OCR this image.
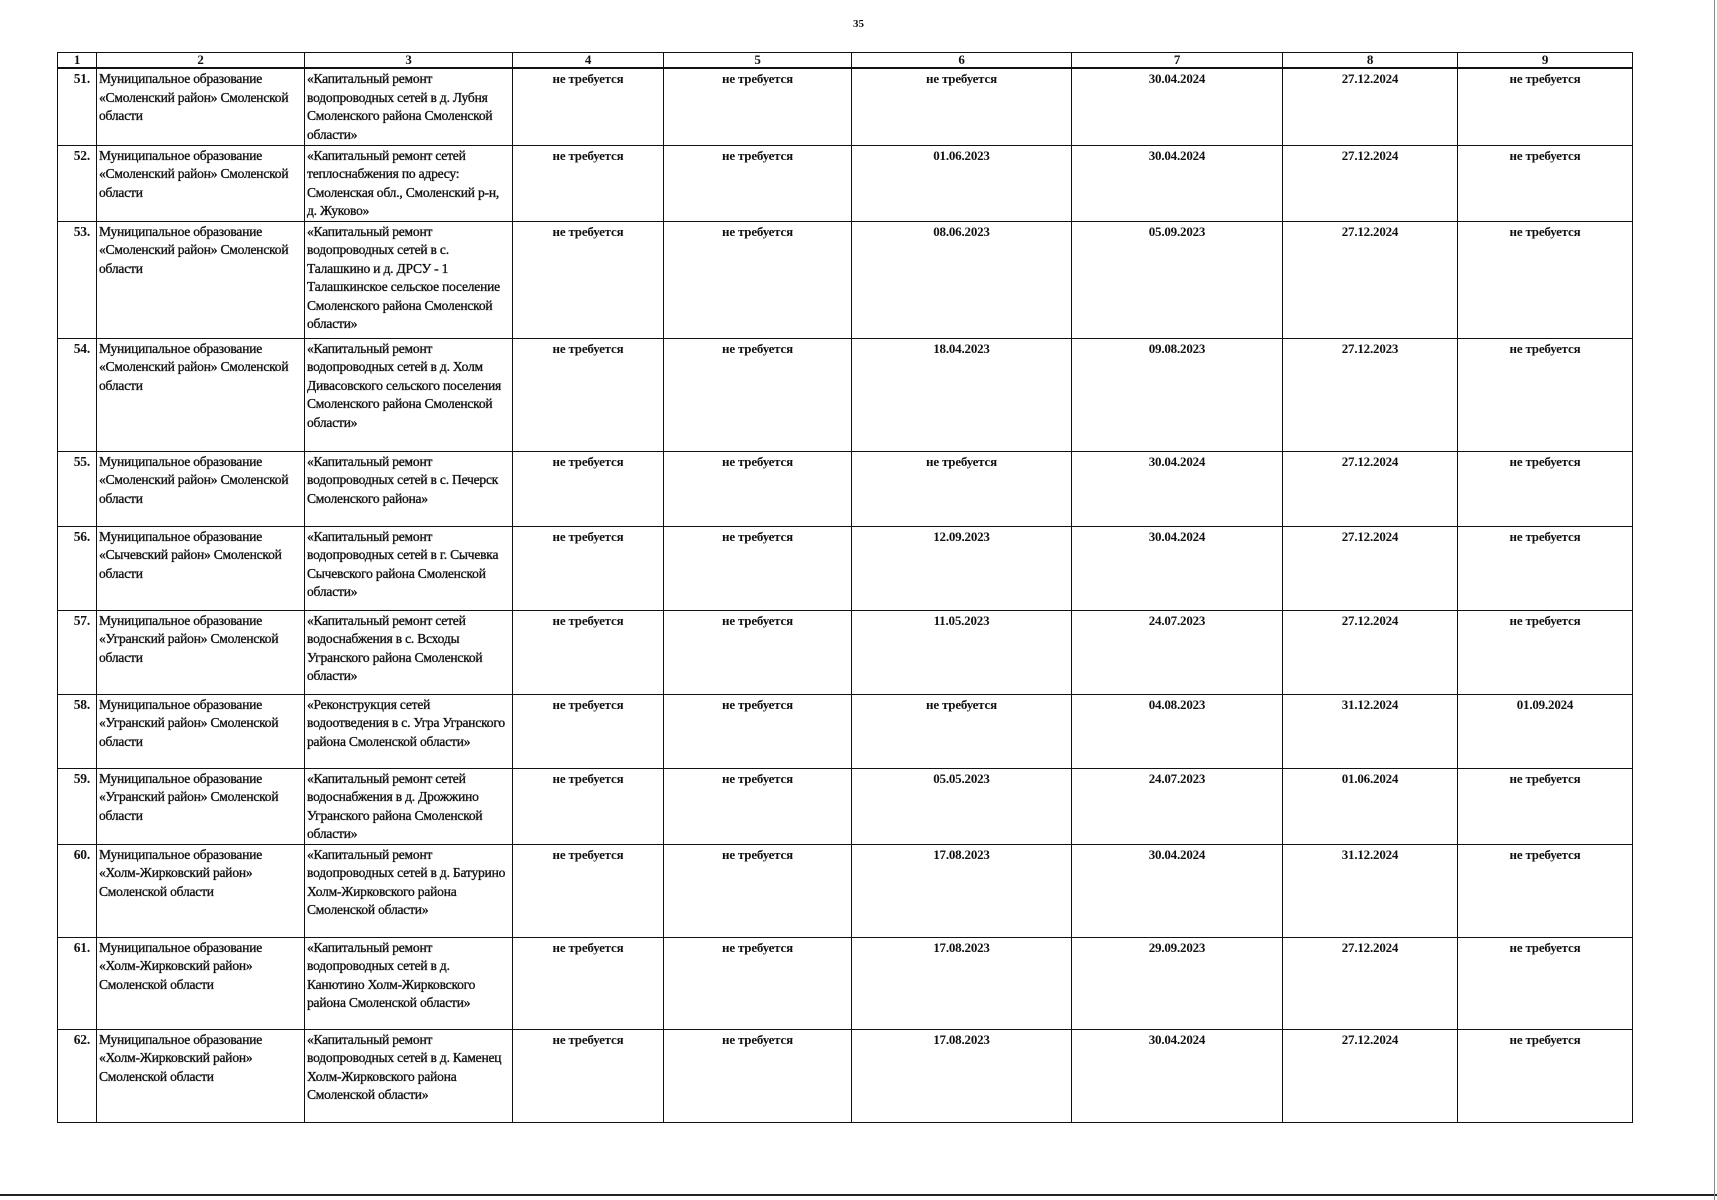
35
1	2	3	4	5	6	7	8	9
51.	Муниципальное образование «Смоленский район» Смоленской области	«Капитальный ремонт водопроводных сетей в д. Лубня Смоленского района Смоленской области»	не требуется	не требуется	не требуется	30.04.2024	27.12.2024	не требуется
52.	Муниципальное образование «Смоленский район» Смоленской области	«Капитальный ремонт сетей теплоснабжения по адресу: Смоленская обл., Смоленский р-н, д. Жуково»	не требуется	не требуется	01.06.2023	30.04.2024	27.12.2024	не требуется
53.	Муниципальное образование «Смоленский район» Смоленской области	«Капитальный ремонт водопроводных сетей в с. Талашкино и д. ДРСУ - 1 Талашкинское сельское поселение Смоленского района Смоленской области»	не требуется	не требуется	08.06.2023	05.09.2023	27.12.2024	не требуется
54.	Муниципальное образование «Смоленский район» Смоленской области	«Капитальный ремонт водопроводных сетей в д. Холм Дивасовского сельского поселения Смоленского района Смоленской области»	не требуется	не требуется	18.04.2023	09.08.2023	27.12.2023	не требуется
55.	Муниципальное образование «Смоленский район» Смоленской области	«Капитальный ремонт водопроводных сетей в с. Печерск Смоленского района»	не требуется	не требуется	не требуется	30.04.2024	27.12.2024	не требуется
56.	Муниципальное образование «Сычевский район» Смоленской области	«Капитальный ремонт водопроводных сетей в г. Сычевка Сычевского района Смоленской области»	не требуется	не требуется	12.09.2023	30.04.2024	27.12.2024	не требуется
57.	Муниципальное образование «Угранский район» Смоленской области	«Капитальный ремонт сетей водоснабжения в с. Всходы Угранского района Смоленской области»	не требуется	не требуется	11.05.2023	24.07.2023	27.12.2024	не требуется
58.	Муниципальное образование «Угранский район» Смоленской области	«Реконструкция сетей водоотведения в с. Угра Угранского района Смоленской области»	не требуется	не требуется	не требуется	04.08.2023	31.12.2024	01.09.2024
59.	Муниципальное образование «Угранский район» Смоленской области	«Капитальный ремонт сетей водоснабжения в д. Дрожжино Угранского района Смоленской области»	не требуется	не требуется	05.05.2023	24.07.2023	01.06.2024	не требуется
60.	Муниципальное образование «Холм-Жирковский район» Смоленской области	«Капитальный ремонт водопроводных сетей в д. Батурино Холм-Жирковского района Смоленской области»	не требуется	не требуется	17.08.2023	30.04.2024	31.12.2024	не требуется
61.	Муниципальное образование «Холм-Жирковский район» Смоленской области	«Капитальный ремонт водопроводных сетей в д. Канютино Холм-Жирковского района Смоленской области»	не требуется	не требуется	17.08.2023	29.09.2023	27.12.2024	не требуется
62.	Муниципальное образование «Холм-Жирковский район» Смоленской области	«Капитальный ремонт водопроводных сетей в д. Каменец Холм-Жирковского района Смоленской области»	не требуется	не требуется	17.08.2023	30.04.2024	27.12.2024	не требуется
